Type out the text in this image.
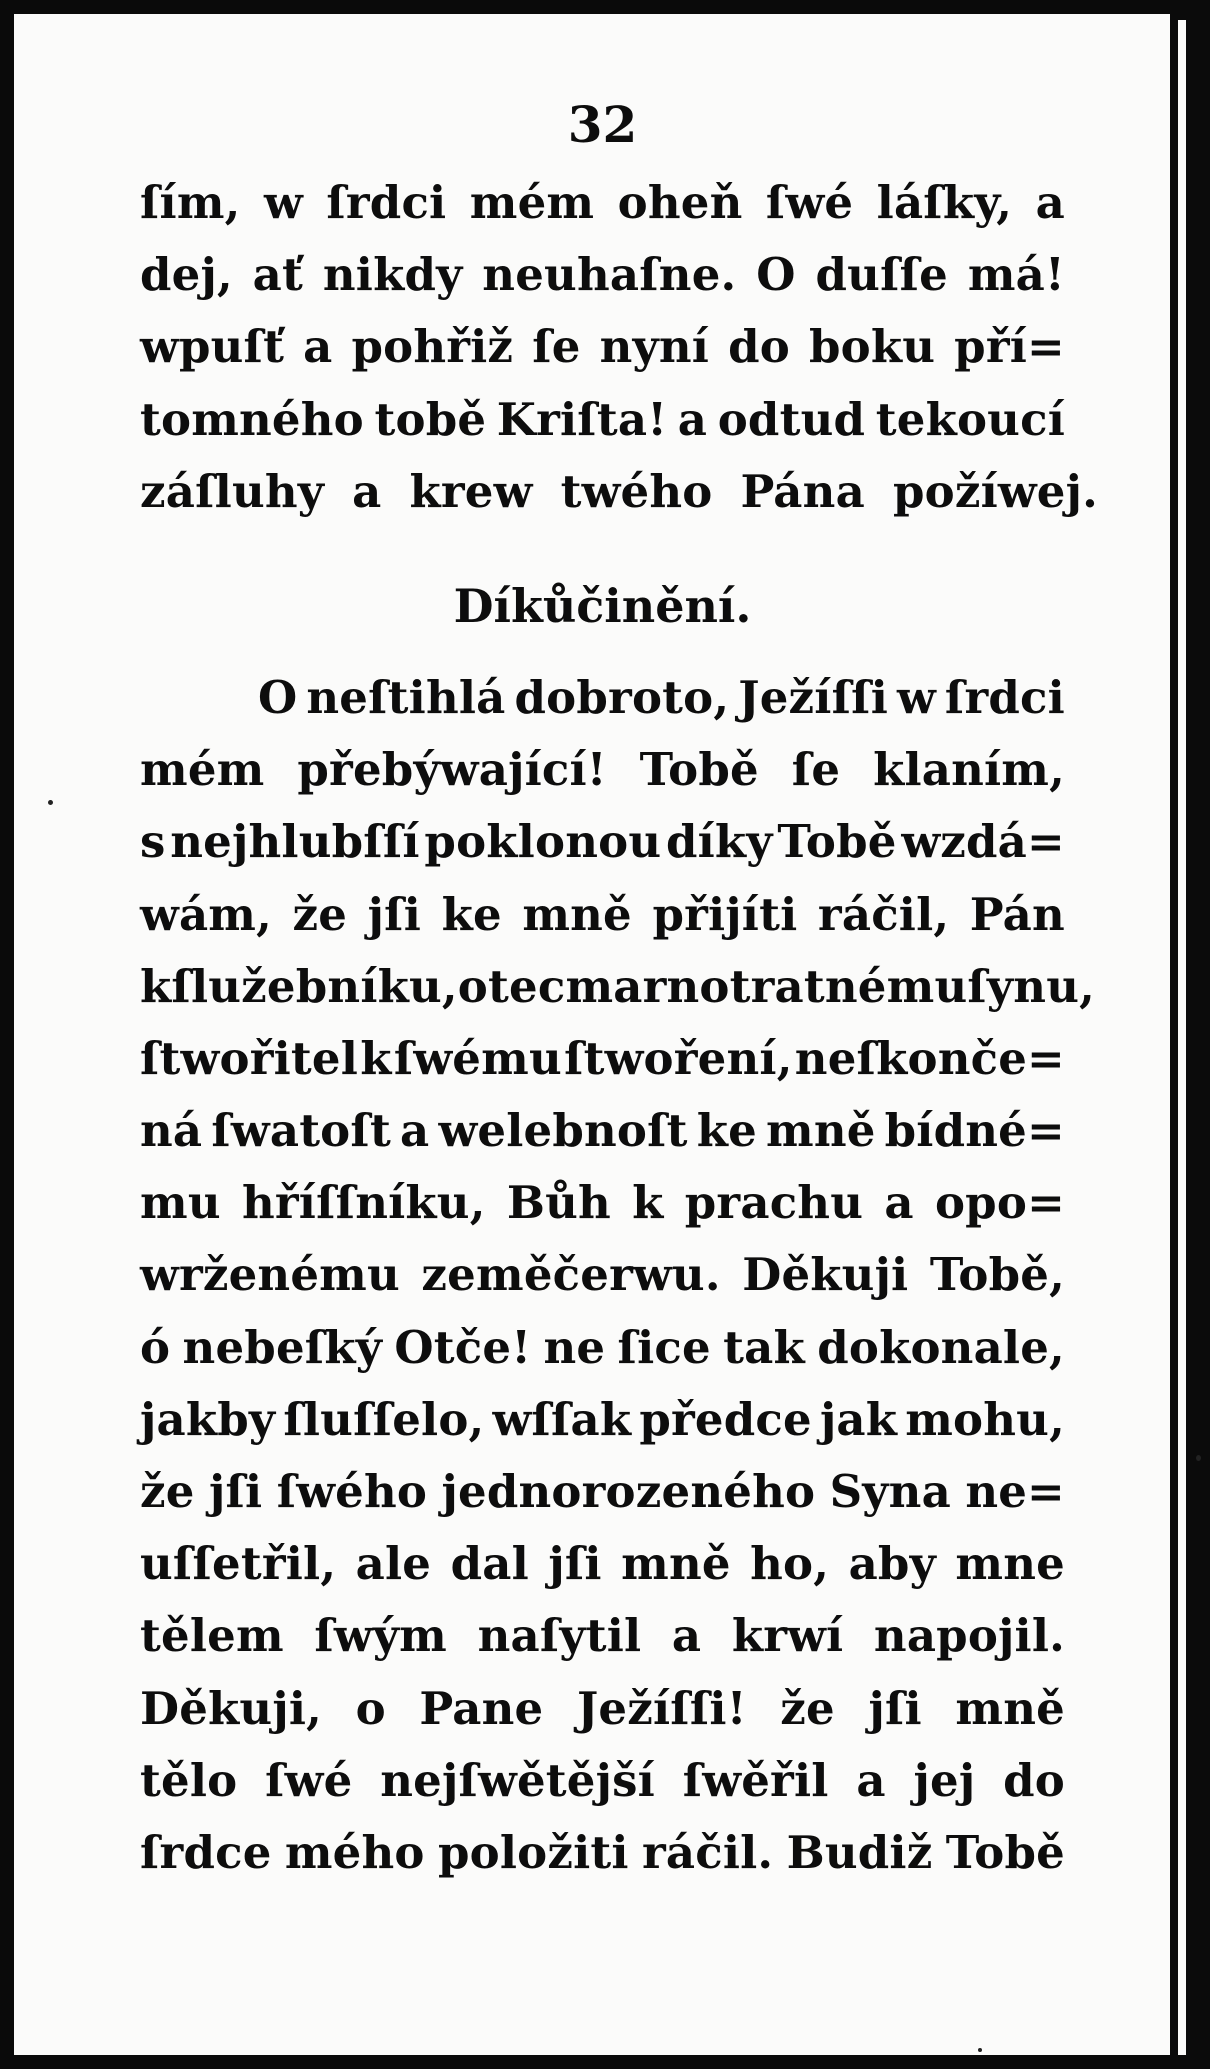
32
ſím, w ſrdci mém oheň ſwé láſky, a
dej, ať nikdy neuhaſne. O duſſe má!
wpuſť a pohřiž ſe nyní do boku pří=
tomného tobě Kriſta! a odtud tekoucí
záſluhy a krew twého Pána požíwej.
Díkůčinění.
O neſtihlá dobroto, Ježíſſi w ſrdci
mém přebýwající! Tobě ſe klaním,
s nejhlubſſí poklonou díky Tobě wzdá=
wám, že jſi ke mně přijíti ráčil, Pán
k ſlužebníku, otec marnotratnému ſynu,
ſtwořitel k ſwému ſtwoření, neſkonče=
ná ſwatoſt a welebnoſt ke mně bídné=
mu hříſſníku, Bůh k prachu a opo=
wrženému zeměčerwu. Děkuji Tobě,
ó nebeſký Otče! ne ſice tak dokonale,
jakby ſluſſelo, wſſak předce jak mohu,
že jſi ſwého jednorozeného Syna ne=
uſſetřil, ale dal jſi mně ho, aby mne
tělem ſwým naſytil a krwí napojil.
Děkuji, o Pane Ježíſſi! že jſi mně
tělo ſwé nejſwětější ſwěřil a jej do
ſrdce mého položiti ráčil. Budiž Tobě
